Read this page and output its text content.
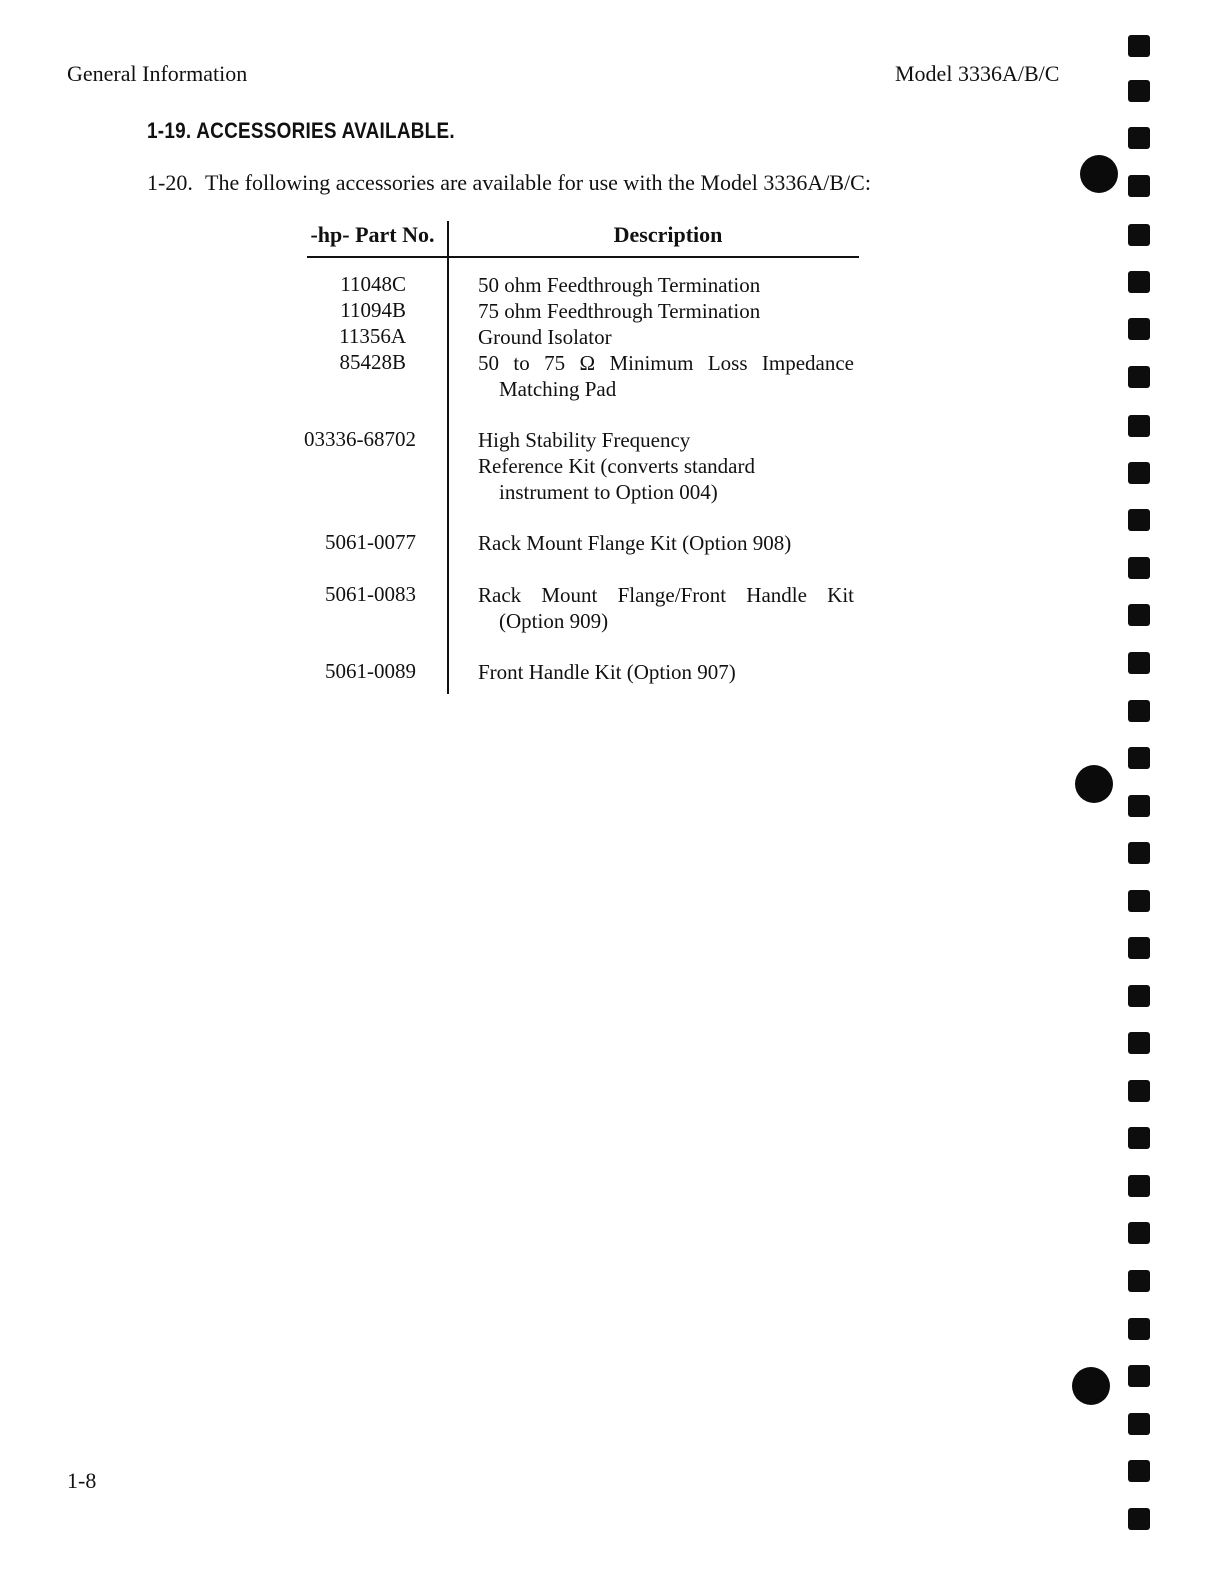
General Information	Model 3336A/B/C
1-19. ACCESSORIES AVAILABLE.
1-20. The following accessories are available for use with the Model 3336A/B/C:
-hp- Part No.	Description
11048C	50 ohm Feedthrough Termination
11094B	75 ohm Feedthrough Termination
11356A	Ground Isolator
85428B	50 to 75 Ω Minimum Loss Impedance
Matching Pad
03336-68702	High Stability Frequency
Reference Kit (converts standard
instrument to Option 004)
5061-0077	Rack Mount Flange Kit (Option 908)
5061-0083	Rack Mount Flange/Front Handle Kit
(Option 909)
5061-0089	Front Handle Kit (Option 907)
1-8
